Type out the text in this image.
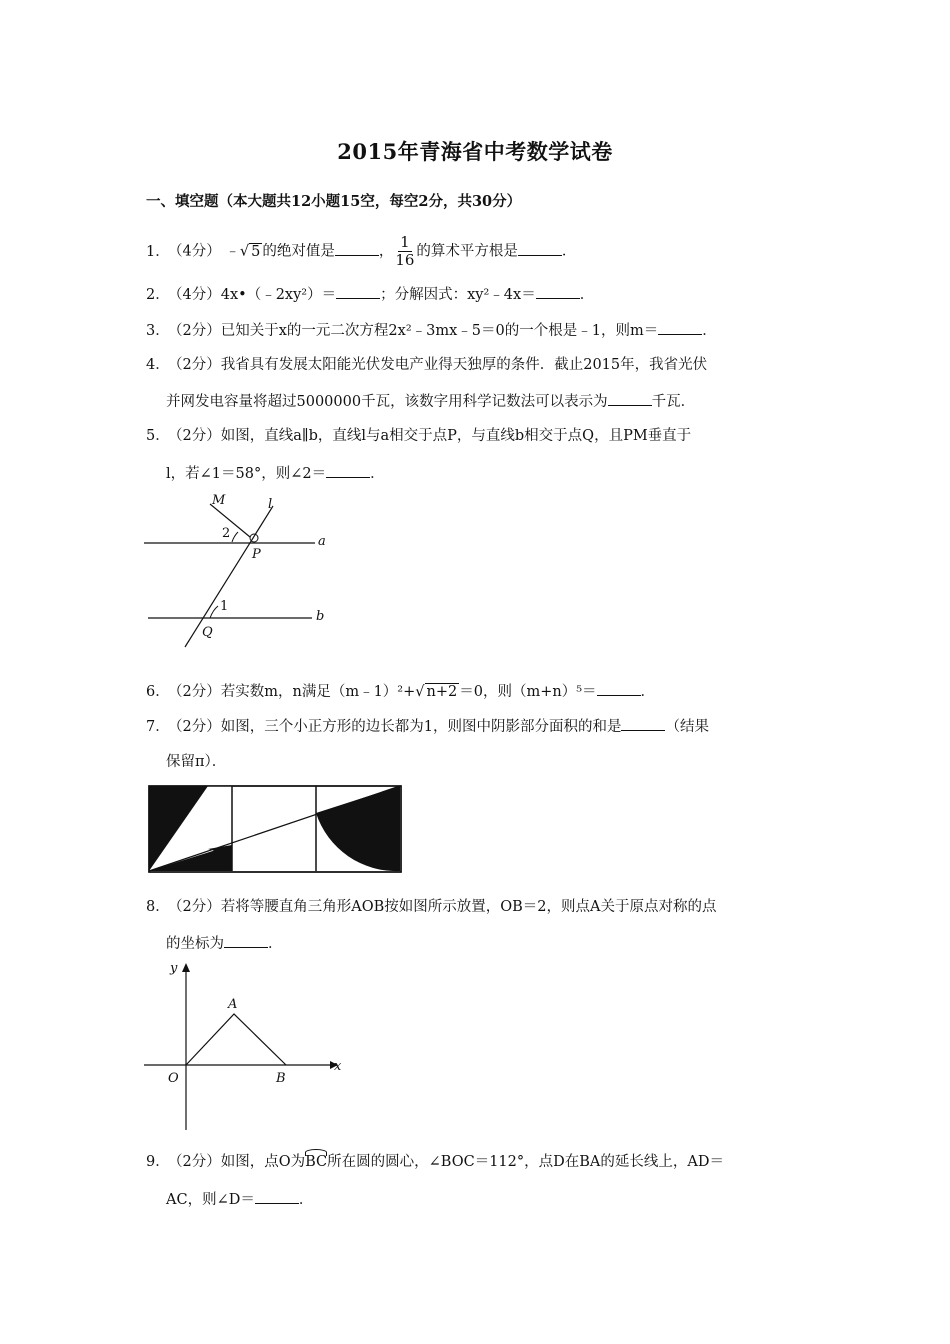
2015年青海省中考数学试卷
一、填空题（本大题共12小题15空，每空2分，共30分）
1．（4分） ﹣√ 5 的绝对值是	， $\frac{1}{16}$ 的算术平方根是	．
2．（4分）4x•（﹣2xy²）＝	；分解因式：xy²﹣4x＝	．
3．（2分）已知关于x的一元二次方程2x²﹣3mx﹣5＝0的一个根是﹣1，则m＝	．
4．（2分）我省具有发展太阳能光伏发电产业得天独厚的条件．截止2015年，我省光伏
并网发电容量将超过5000000千瓦，该数字用科学记数法可以表示为	千瓦．
5．（2分）如图，直线a∥b，直线l与a相交于点P，与直线b相交于点Q，且PM垂直于
l，若∠1＝58°，则∠2＝	．
M	l
2
a
P
1
b
Q
6．（2分）若实数m，n满足（m﹣1）²+√ n+2 ＝0，则（m+n）⁵＝	．
7．（2分）如图，三个小正方形的边长都为1，则图中阴影部分面积的和是	（结果
保留π）．
8．（2分）若将等腰直角三角形AOB按如图所示放置，OB＝2，则点A关于原点对称的点
的坐标为	．
y
x
A
O	B
9．（2分）如图，点O为BC所在圆的圆心，∠BOC＝112°，点D在BA的延长线上，AD＝
AC，则∠D＝	．
